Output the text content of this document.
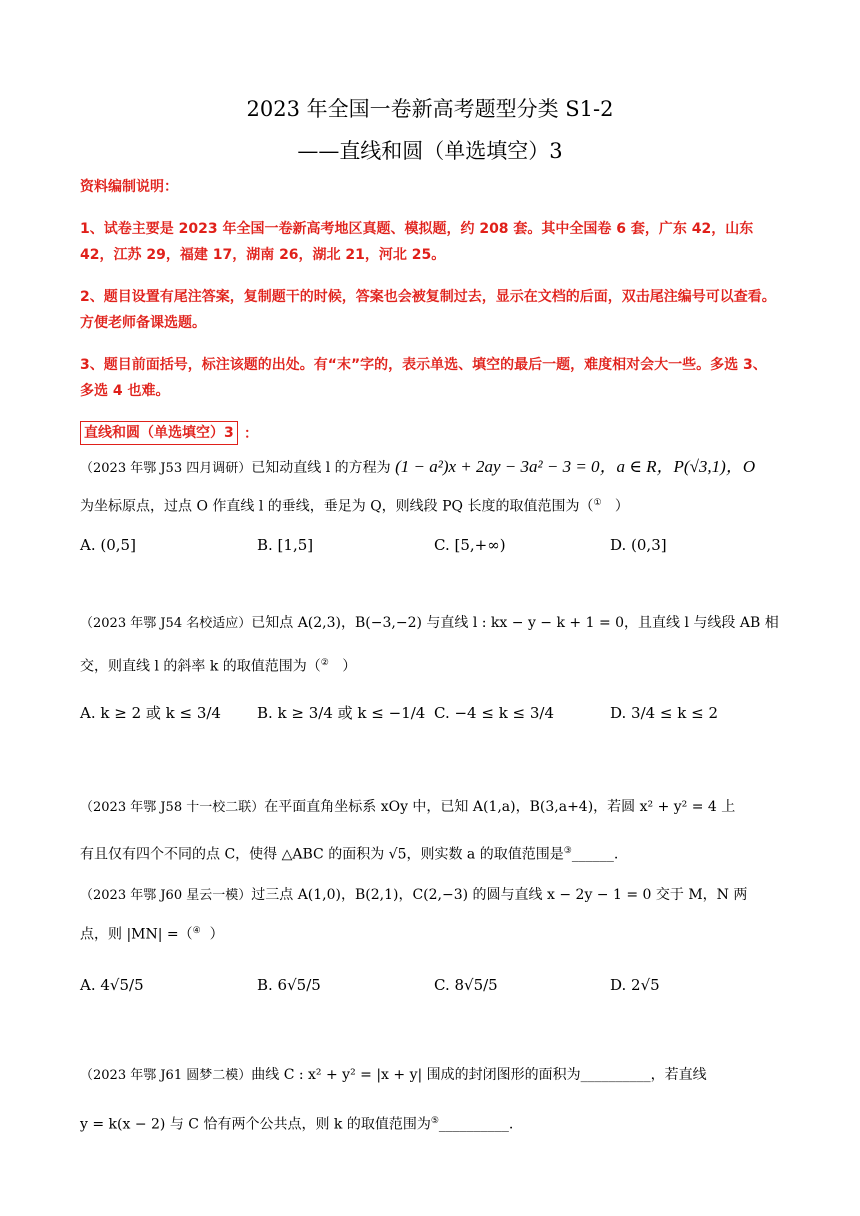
2023 年全国一卷新高考题型分类 S1-2
——直线和圆（单选填空）3
资料编制说明：
1、试卷主要是 2023 年全国一卷新高考地区真题、模拟题，约 208 套。其中全国卷 6 套，广东 42，山东 42，江苏 29，福建 17，湖南 26，湖北 21，河北 25。
2、题目设置有尾注答案，复制题干的时候，答案也会被复制过去，显示在文档的后面，双击尾注编号可以查看。方便老师备课选题。
3、题目前面括号，标注该题的出处。有“末”字的，表示单选、填空的最后一题，难度相对会大一些。多选 3、多选 4 也难。
直线和圆（单选填空）3 ：
（2023 年鄂 J53 四月调研）已知动直线 l 的方程为 (1 − a²)x + 2ay − 3a² − 3 = 0，a ∈ R，P(√3,1)，O
为坐标原点，过点 O 作直线 l 的垂线，垂足为 Q，则线段 PQ 长度的取值范围为（① ）
A. (0,5]	B. [1,5]	C. [5,+∞)	D. (0,3]
（2023 年鄂 J54 名校适应）已知点 A(2,3)，B(−3,−2) 与直线 l : kx − y − k + 1 = 0，且直线 l 与线段 AB 相
交，则直线 l 的斜率 k 的取值范围为（② ）
A. k ≥ 2 或 k ≤ 3/4 B. k ≥ 3/4 或 k ≤ −1/4 C. −4 ≤ k ≤ 3/4	D. 3/4 ≤ k ≤ 2
（2023 年鄂 J58 十一校二联）在平面直角坐标系 xOy 中，已知 A(1,a)，B(3,a+4)，若圆 x² + y² = 4 上
有且仅有四个不同的点 C，使得 △ABC 的面积为 √5，则实数 a 的取值范围是③______.
（2023 年鄂 J60 星云一模）过三点 A(1,0)，B(2,1)，C(2,−3) 的圆与直线 x − 2y − 1 = 0 交于 M，N 两
点，则 |MN| =（④ ）
A. 4√5/5	B. 6√5/5	C. 8√5/5	D. 2√5
（2023 年鄂 J61 圆梦二模）曲线 C : x² + y² = |x + y| 围成的封闭图形的面积为__________，若直线
y = k(x − 2) 与 C 恰有两个公共点，则 k 的取值范围为⑤__________.
